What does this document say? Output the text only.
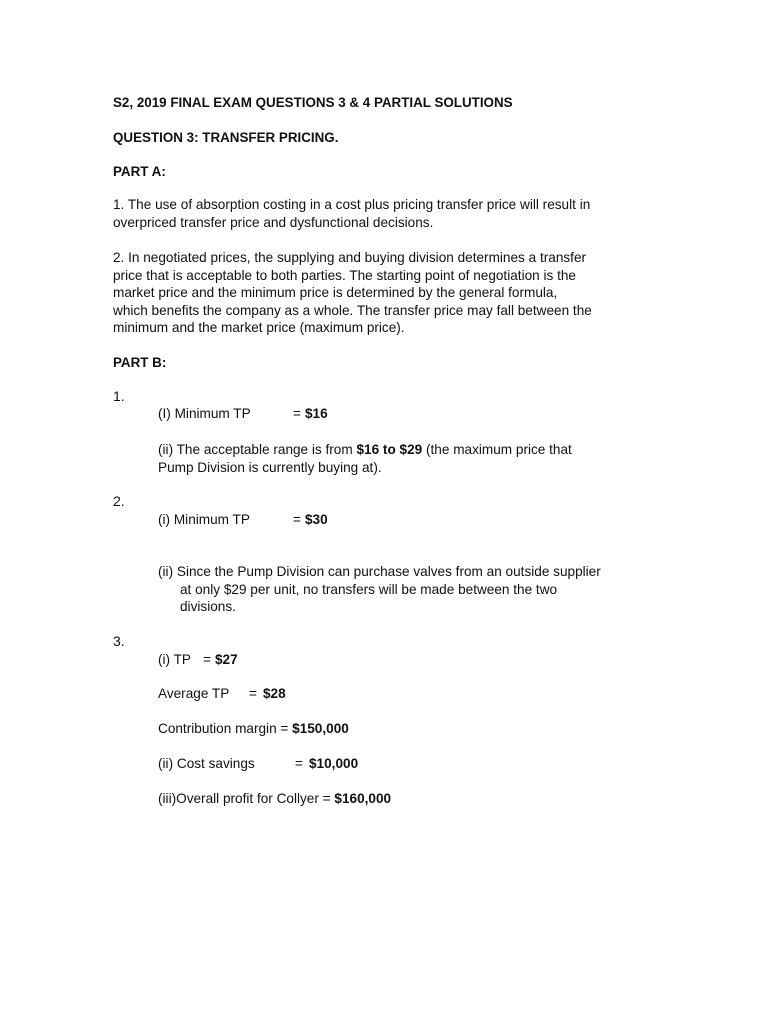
S2, 2019 FINAL EXAM QUESTIONS 3 & 4 PARTIAL SOLUTIONS
QUESTION 3: TRANSFER PRICING.
PART A:
1. The use of absorption costing in a cost plus pricing transfer price will result in
overpriced transfer price and dysfunctional decisions.
2. In negotiated prices, the supplying and buying division determines a transfer
price that is acceptable to both parties. The starting point of negotiation is the
market price and the minimum price is determined by the general formula,
which benefits the company as a whole. The transfer price may fall between the
minimum and the market price (maximum price).
PART B:
1.
(I) Minimum TP	= $16
(ii) The acceptable range is from $16 to $29 (the maximum price that
Pump Division is currently buying at).
2.
(i) Minimum TP	= $30
(ii) Since the Pump Division can purchase valves from an outside supplier
at only $29 per unit, no transfers will be made between the two
divisions.
3.
(i) TP = $27
Average TP = $28
Contribution margin = $150,000
(ii) Cost savings	= $10,000
(iii)Overall profit for Collyer = $160,000
